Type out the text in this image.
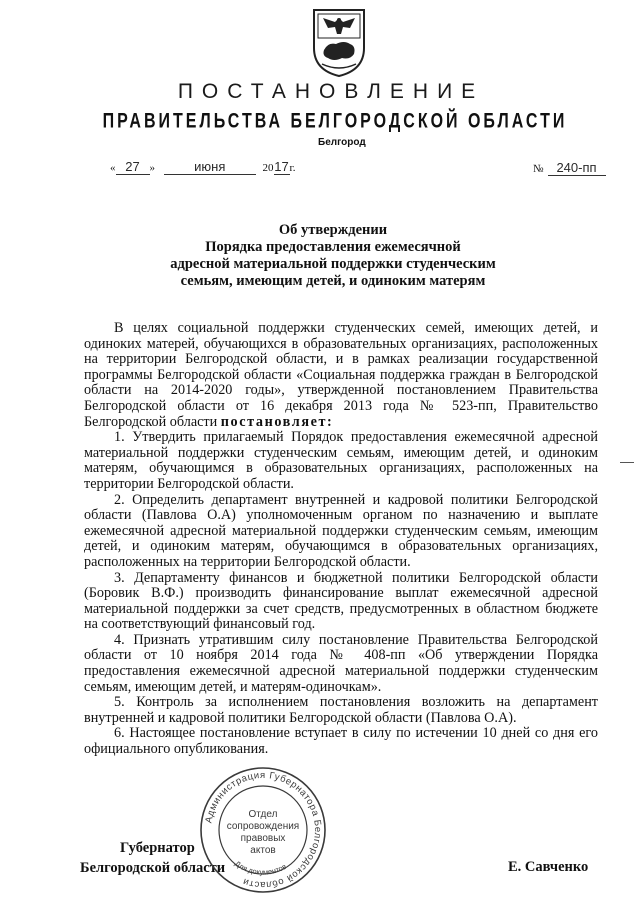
ПОСТАНОВЛЕНИЕ
ПРАВИТЕЛЬСТВА БЕЛГОРОДСКОЙ ОБЛАСТИ
Белгород
« 27 »	июня	2017г.	№ 240-пп
Об утверждении
Порядка предоставления ежемесячной
адресной материальной поддержки студенческим
семьям, имеющим детей, и одиноким матерям

В целях социальной поддержки студенческих семей, имеющих детей, и одиноких матерей, обучающихся в образовательных организациях, расположенных на территории Белгородской области, и в рамках реализации государственной программы Белгородской области «Социальная поддержка граждан в Белгородской области на 2014-2020 годы», утвержденной постановлением Правительства Белгородской области от 16 декабря 2013 года № 523-пп, Правительство Белгородской области постановляет:

1. Утвердить прилагаемый Порядок предоставления ежемесячной адресной материальной поддержки студенческим семьям, имеющим детей, и одиноким матерям, обучающимся в образовательных организациях, расположенных на территории Белгородской области.

2. Определить департамент внутренней и кадровой политики Белгородской области (Павлова О.А) уполномоченным органом по назначению и выплате ежемесячной адресной материальной поддержки студенческим семьям, имеющим детей, и одиноким матерям, обучающимся в образовательных организациях, расположенных на территории Белгородской области.

3. Департаменту финансов и бюджетной политики Белгородской области (Боровик В.Ф.) производить финансирование выплат ежемесячной адресной материальной поддержки за счет средств, предусмотренных в областном бюджете на соответствующий финансовый год.

4. Признать утратившим силу постановление Правительства Белгородской области от 10 ноября 2014 года № 408-пп «Об утверждении Порядка предоставления ежемесячной адресной материальной поддержки студенческим семьям, имеющим детей, и матерям-одиночкам».

5. Контроль за исполнением постановления возложить на департамент внутренней и кадровой политики Белгородской области (Павлова О.А).

6. Настоящее постановление вступает в силу по истечении 10 дней со дня его официального опубликования.

Губернатор
Белгородской области	Е. Савченко
Администрация Губернатора Белгородской области
Для документов
Отдел
сопровождения
правовых
актов
